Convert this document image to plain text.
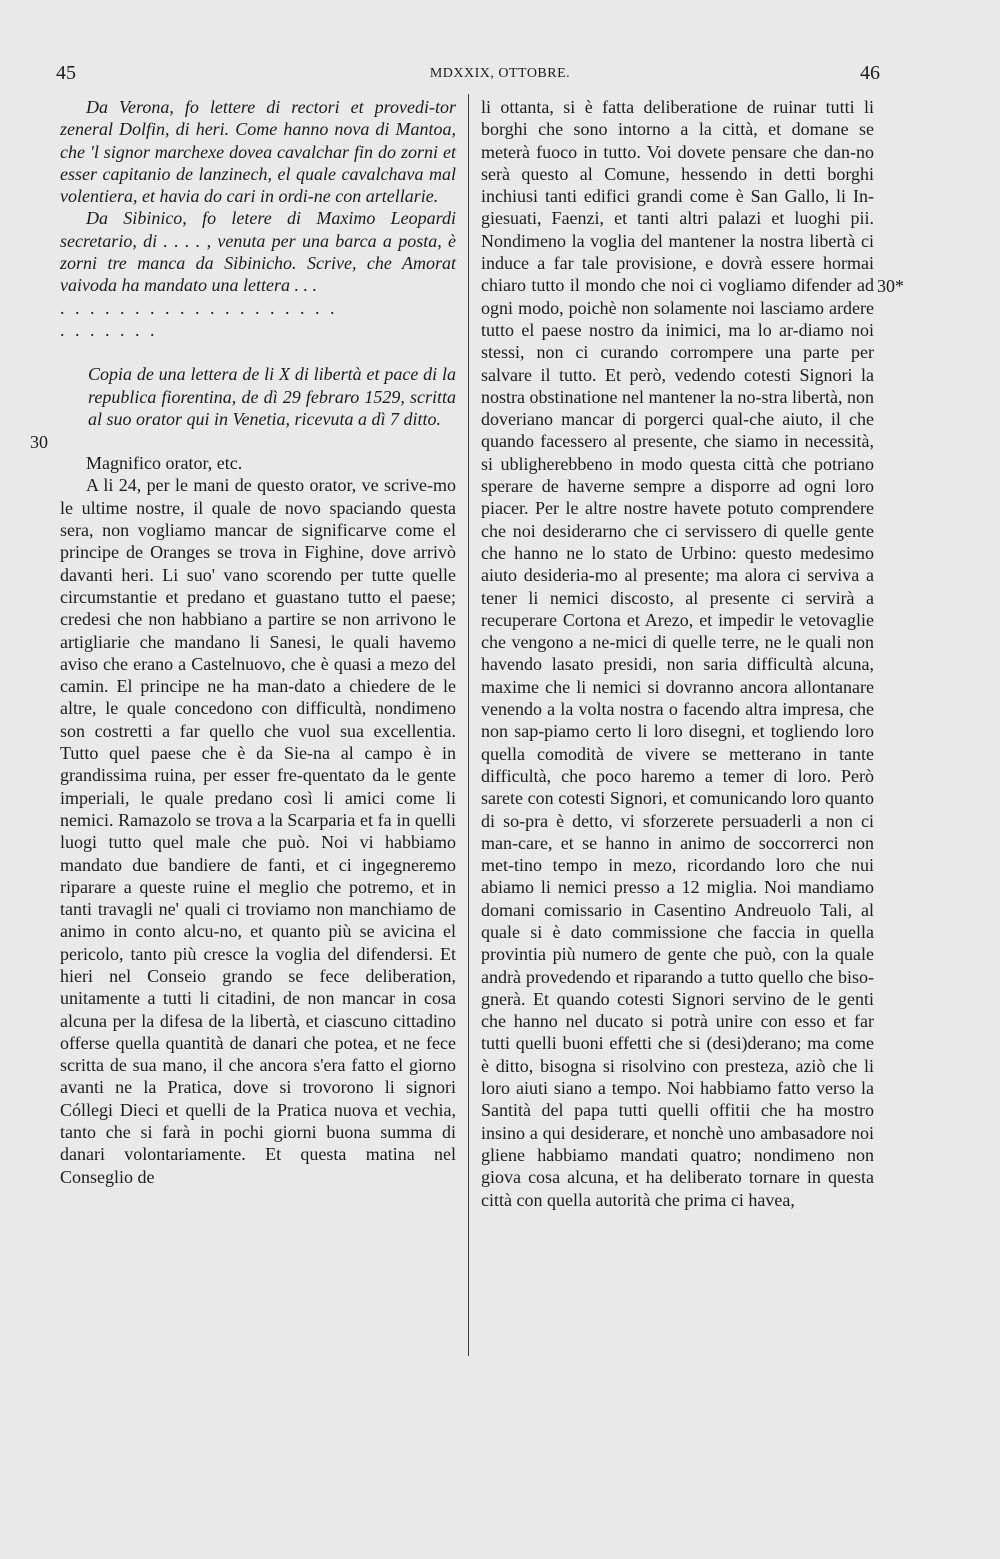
45	MDXXIX, OTTOBRE.	46
30
30*

Da Verona, fo lettere di rectori et provedi-tor zeneral Dolfin, di heri. Come hanno nova di Mantoa, che 'l signor marchexe dovea cavalchar fin do zorni et esser capitanio de lanzinech, el quale cavalchava mal volentiera, et havia do cari in ordi-ne con artellarie.

Da Sibinico, fo letere di Maximo Leopardi secretario, di . . . . , venuta per una barca a posta, è zorni tre manca da Sibinicho. Scrive, che Amorat vaivoda ha mandato una lettera . . .

. . . . . . . . . . . . . . . . . . .

. . . . . . .

Copia de una lettera de li X di libertà et pace di la republica fiorentina, de dì 29 febraro 1529, scritta al suo orator qui in Venetia, ricevuta a dì 7 ditto.

Magnifico orator, etc.

A li 24, per le mani de questo orator, ve scrive-mo le ultime nostre, il quale de novo spaciando questa sera, non vogliamo mancar de significarve come el principe de Oranges se trova in Fighine, dove arrivò davanti heri. Li suo' vano scorendo per tutte quelle circumstantie et predano et guastano tutto el paese; credesi che non habbiano a partire se non arrivono le artigliarie che mandano li Sanesi, le quali havemo aviso che erano a Castelnuovo, che è quasi a mezo del camin. El principe ne ha man-dato a chiedere de le altre, le quale concedono con difficultà, nondimeno son costretti a far quello che vuol sua excellentia. Tutto quel paese che è da Sie-na al campo è in grandissima ruina, per esser fre-quentato da le gente imperiali, le quale predano così li amici come li nemici. Ramazolo se trova a la Scarparia et fa in quelli luogi tutto quel male che può. Noi vi habbiamo mandato due bandiere de fanti, et ci ingegneremo riparare a queste ruine el meglio che potremo, et in tanti travagli ne' quali ci troviamo non manchiamo de animo in conto alcu-no, et quanto più se avicina el pericolo, tanto più cresce la voglia del difendersi. Et hieri nel Conseio grando se fece deliberation, unitamente a tutti li citadini, de non mancar in cosa alcuna per la difesa de la libertà, et ciascuno cittadino offerse quella quantità de danari che potea, et ne fece scritta de sua mano, il che ancora s'era fatto el giorno avanti ne la Pratica, dove si trovorono li signori Cóllegi Dieci et quelli de la Pratica nuova et vechia, tanto che si farà in pochi giorni buona summa di danari volontariamente. Et questa matina nel Conseglio de

li ottanta, si è fatta deliberatione de ruinar tutti li borghi che sono intorno a la città, et domane se meterà fuoco in tutto. Voi dovete pensare che dan-no serà questo al Comune, hessendo in detti borghi inchiusi tanti edifici grandi come è San Gallo, li In-giesuati, Faenzi, et tanti altri palazi et luoghi pii. Nondimeno la voglia del mantener la nostra libertà ci induce a far tale provisione, e dovrà essere hormai chiaro tutto il mondo che noi ci vogliamo difender ad ogni modo, poichè non solamente noi lasciamo ardere tutto el paese nostro da inimici, ma lo ar-diamo noi stessi, non ci curando corrompere una parte per salvare il tutto. Et però, vedendo cotesti Signori la nostra obstinatione nel mantener la no-stra libertà, non doveriano mancar di porgerci qual-che aiuto, il che quando facessero al presente, che siamo in necessità, si ubligherebbeno in modo questa città che potriano sperare de haverne sempre a disporre ad ogni loro piacer. Per le altre nostre havete potuto comprendere che noi desiderarno che ci servissero di quelle gente che hanno ne lo stato de Urbino: questo medesimo aiuto desideria-mo al presente; ma alora ci serviva a tener li nemici discosto, al presente ci servirà a recuperare Cortona et Arezo, et impedir le vetovaglie che vengono a ne-mici di quelle terre, ne le quali non havendo lasato presidi, non saria difficultà alcuna, maxime che li nemici si dovranno ancora allontanare venendo a la volta nostra o facendo altra impresa, che non sap-piamo certo li loro disegni, et togliendo loro quella comodità de vivere se metterano in tante difficultà, che poco haremo a temer di loro. Però sarete con cotesti Signori, et comunicando loro quanto di so-pra è detto, vi sforzerete persuaderli a non ci man-care, et se hanno in animo de soccorrerci non met-tino tempo in mezo, ricordando loro che nui abiamo li nemici presso a 12 miglia. Noi mandiamo domani comissario in Casentino Andreuolo Tali, al quale si è dato commissione che faccia in quella provintia più numero de gente che può, con la quale andrà provedendo et riparando a tutto quello che biso-gnerà. Et quando cotesti Signori servino de le genti che hanno nel ducato si potrà unire con esso et far tutti quelli buoni effetti che si (desi)derano; ma come è ditto, bisogna si risolvino con presteza, aziò che li loro aiuti siano a tempo. Noi habbiamo fatto verso la Santità del papa tutti quelli offitii che ha mostro insino a qui desiderare, et nonchè uno ambasadore noi gliene habbiamo mandati quatro; nondimeno non giova cosa alcuna, et ha deliberato tornare in questa città con quella autorità che prima ci havea,
